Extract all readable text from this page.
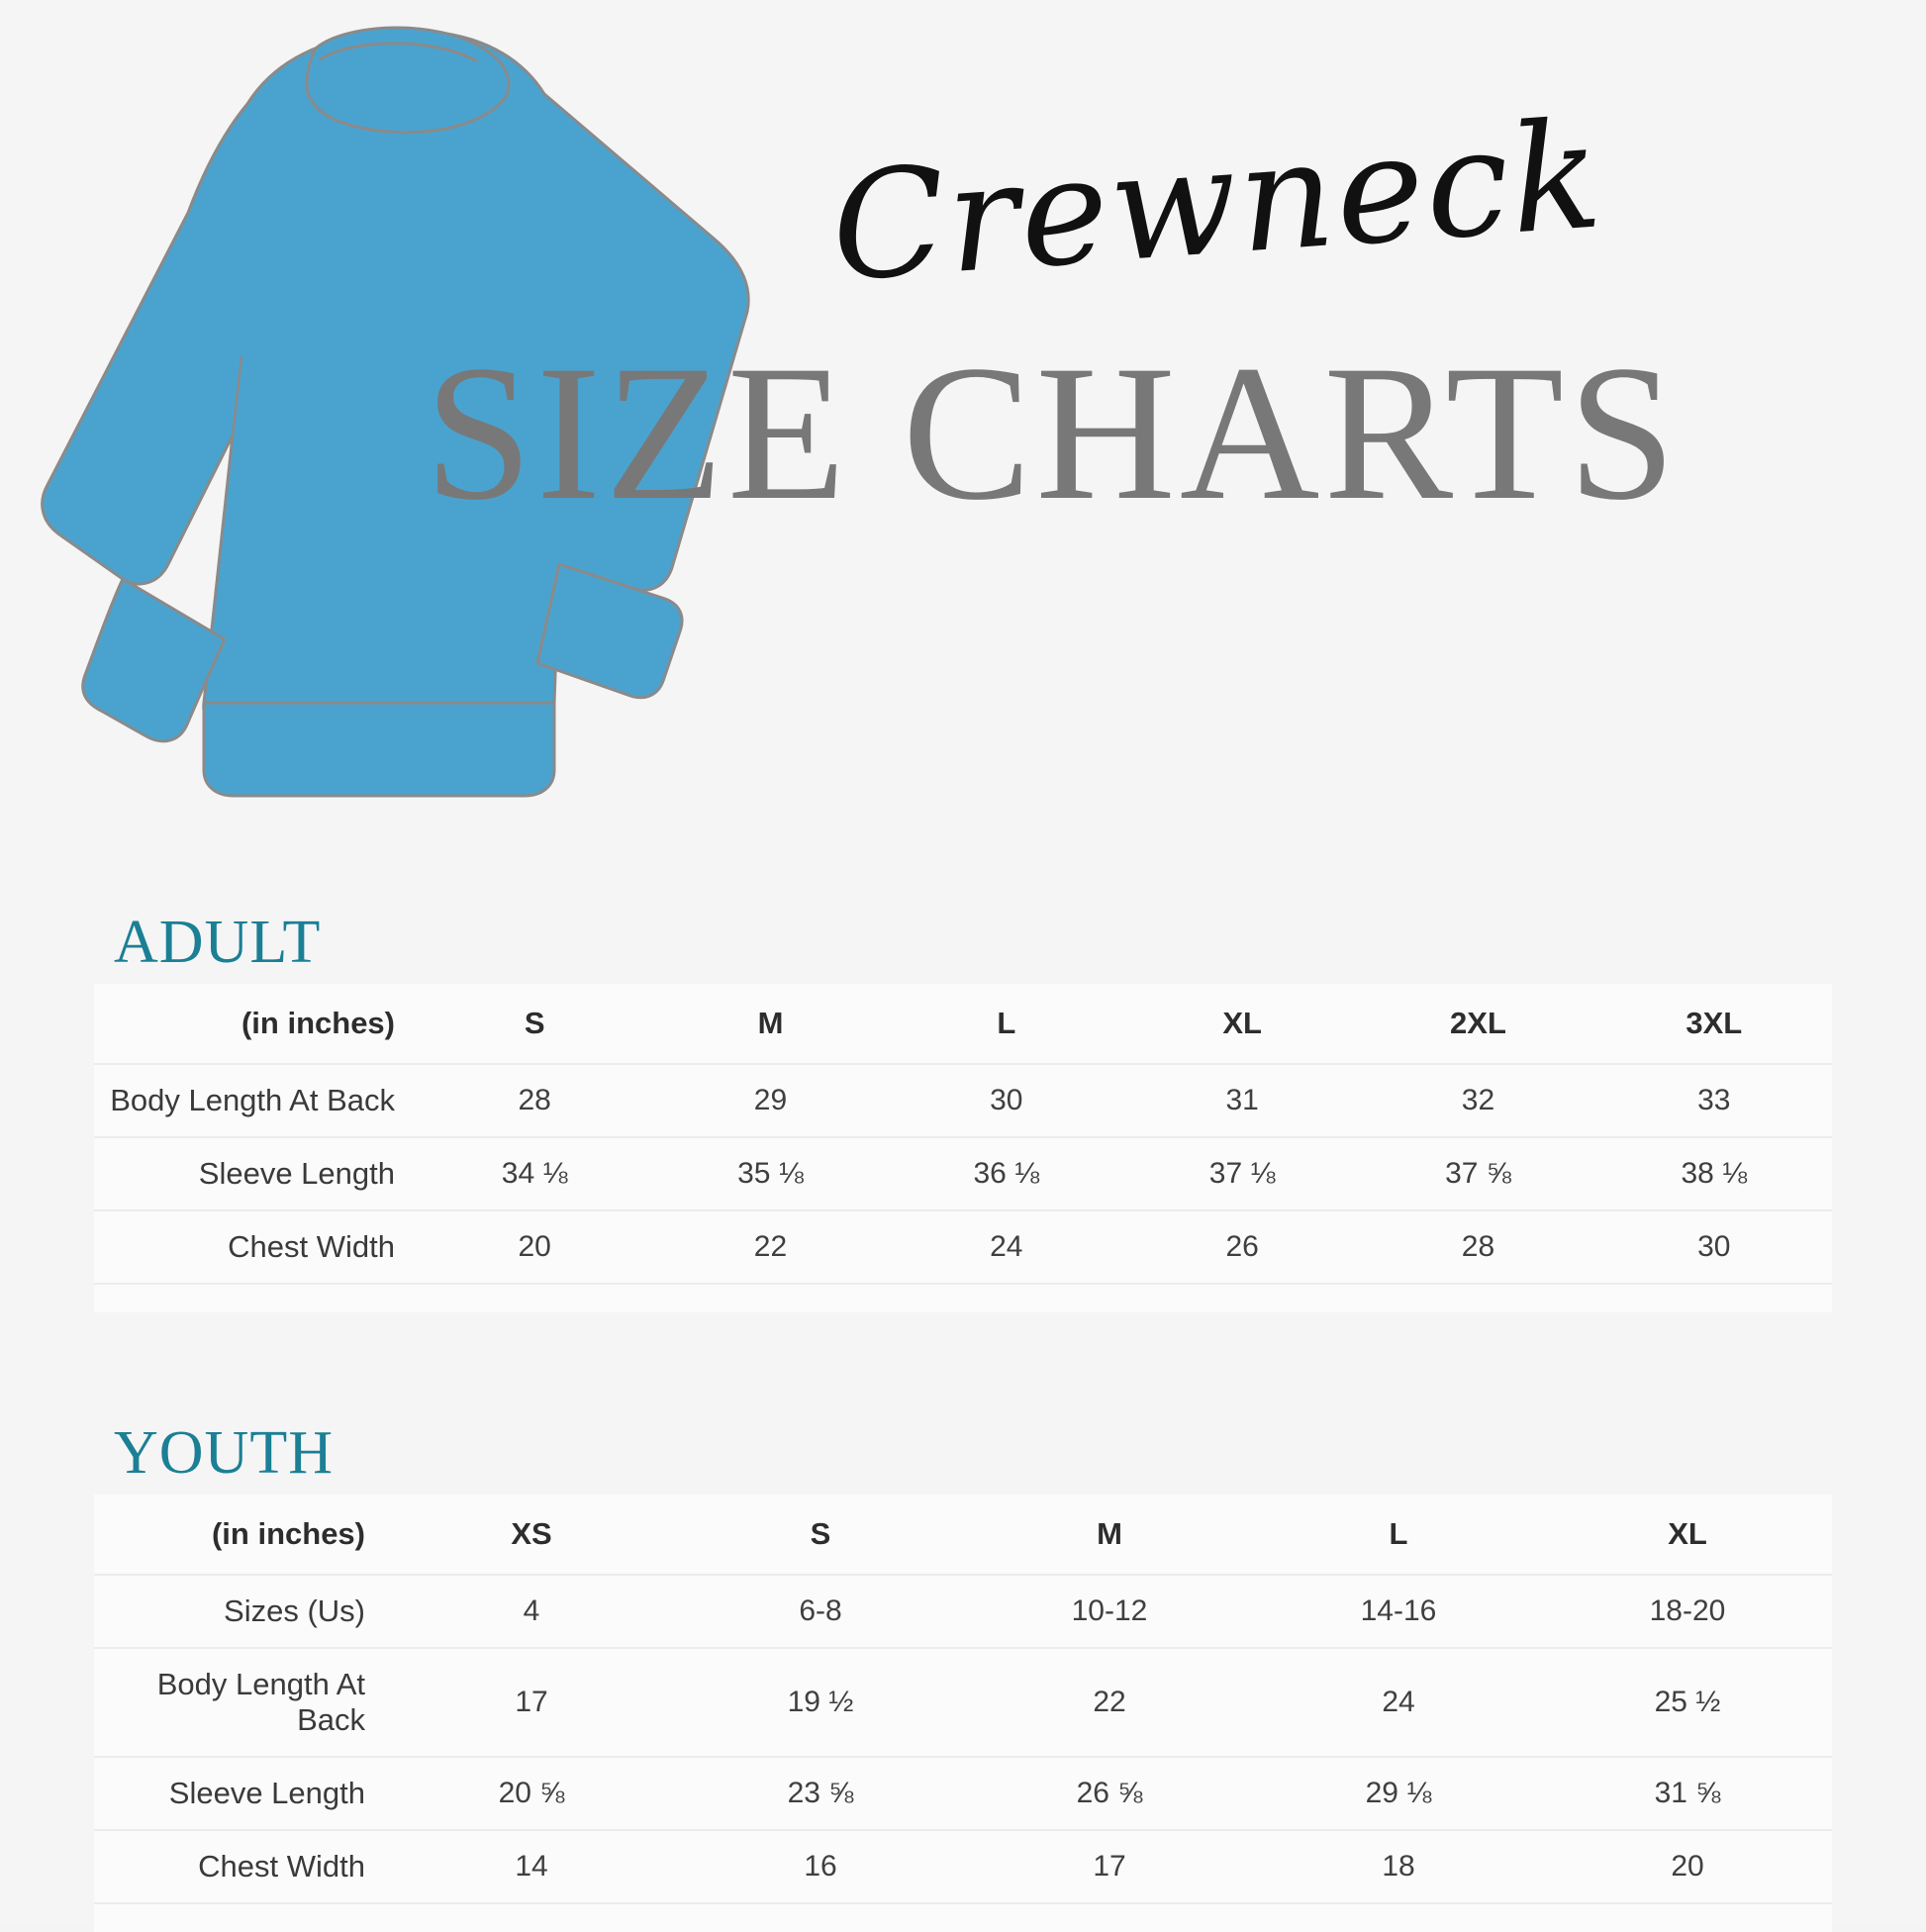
Crewneck
SIZE CHARTS
ADULT
(in inches)	S	M	L	XL	2XL	3XL
Body Length At Back	28	29	30	31	32	33
Sleeve Length	34 ⅛	35 ⅛	36 ⅛	37 ⅛	37 ⅝	38 ⅛
Chest Width	20	22	24	26	28	30
YOUTH
(in inches)	XS	S	M	L	XL
Sizes (Us)	4	6-8	10-12	14-16	18-20
Body Length At Back	17	19 ½	22	24	25 ½
Sleeve Length	20 ⅝	23 ⅝	26 ⅝	29 ⅛	31 ⅝
Chest Width	14	16	17	18	20
